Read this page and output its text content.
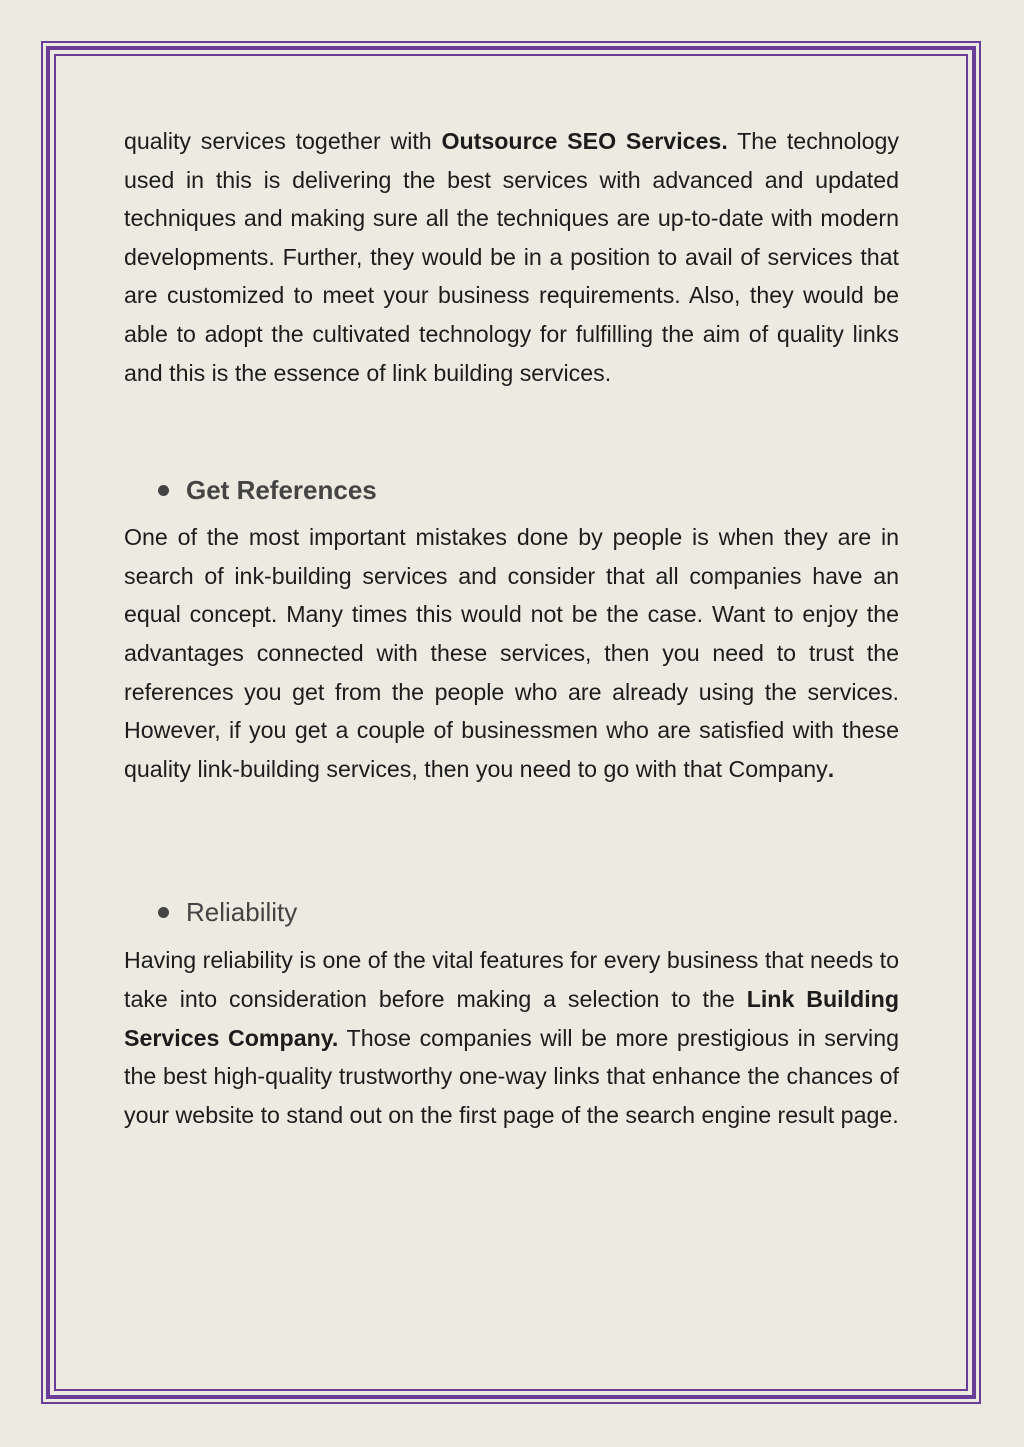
quality services together with Outsource SEO Services. The technology used in this is delivering the best services with advanced and updated techniques and making sure all the techniques are up-to-date with modern developments. Further, they would be in a position to avail of services that are customized to meet your business requirements. Also, they would be able to adopt the cultivated technology for fulfilling the aim of quality links and this is the essence of link building services.

Get References

One of the most important mistakes done by people is when they are in search of ink-building services and consider that all companies have an equal concept. Many times this would not be the case. Want to enjoy the advantages connected with these services, then you need to trust the references you get from the people who are already using the services. However, if you get a couple of businessmen who are satisfied with these quality link-building services, then you need to go with that Company.

Reliability

Having reliability is one of the vital features for every business that needs to take into consideration before making a selection to the Link Building Services Company. Those companies will be more prestigious in serving the best high-quality trustworthy one-way links that enhance the chances of your website to stand out on the first page of the search engine result page.
